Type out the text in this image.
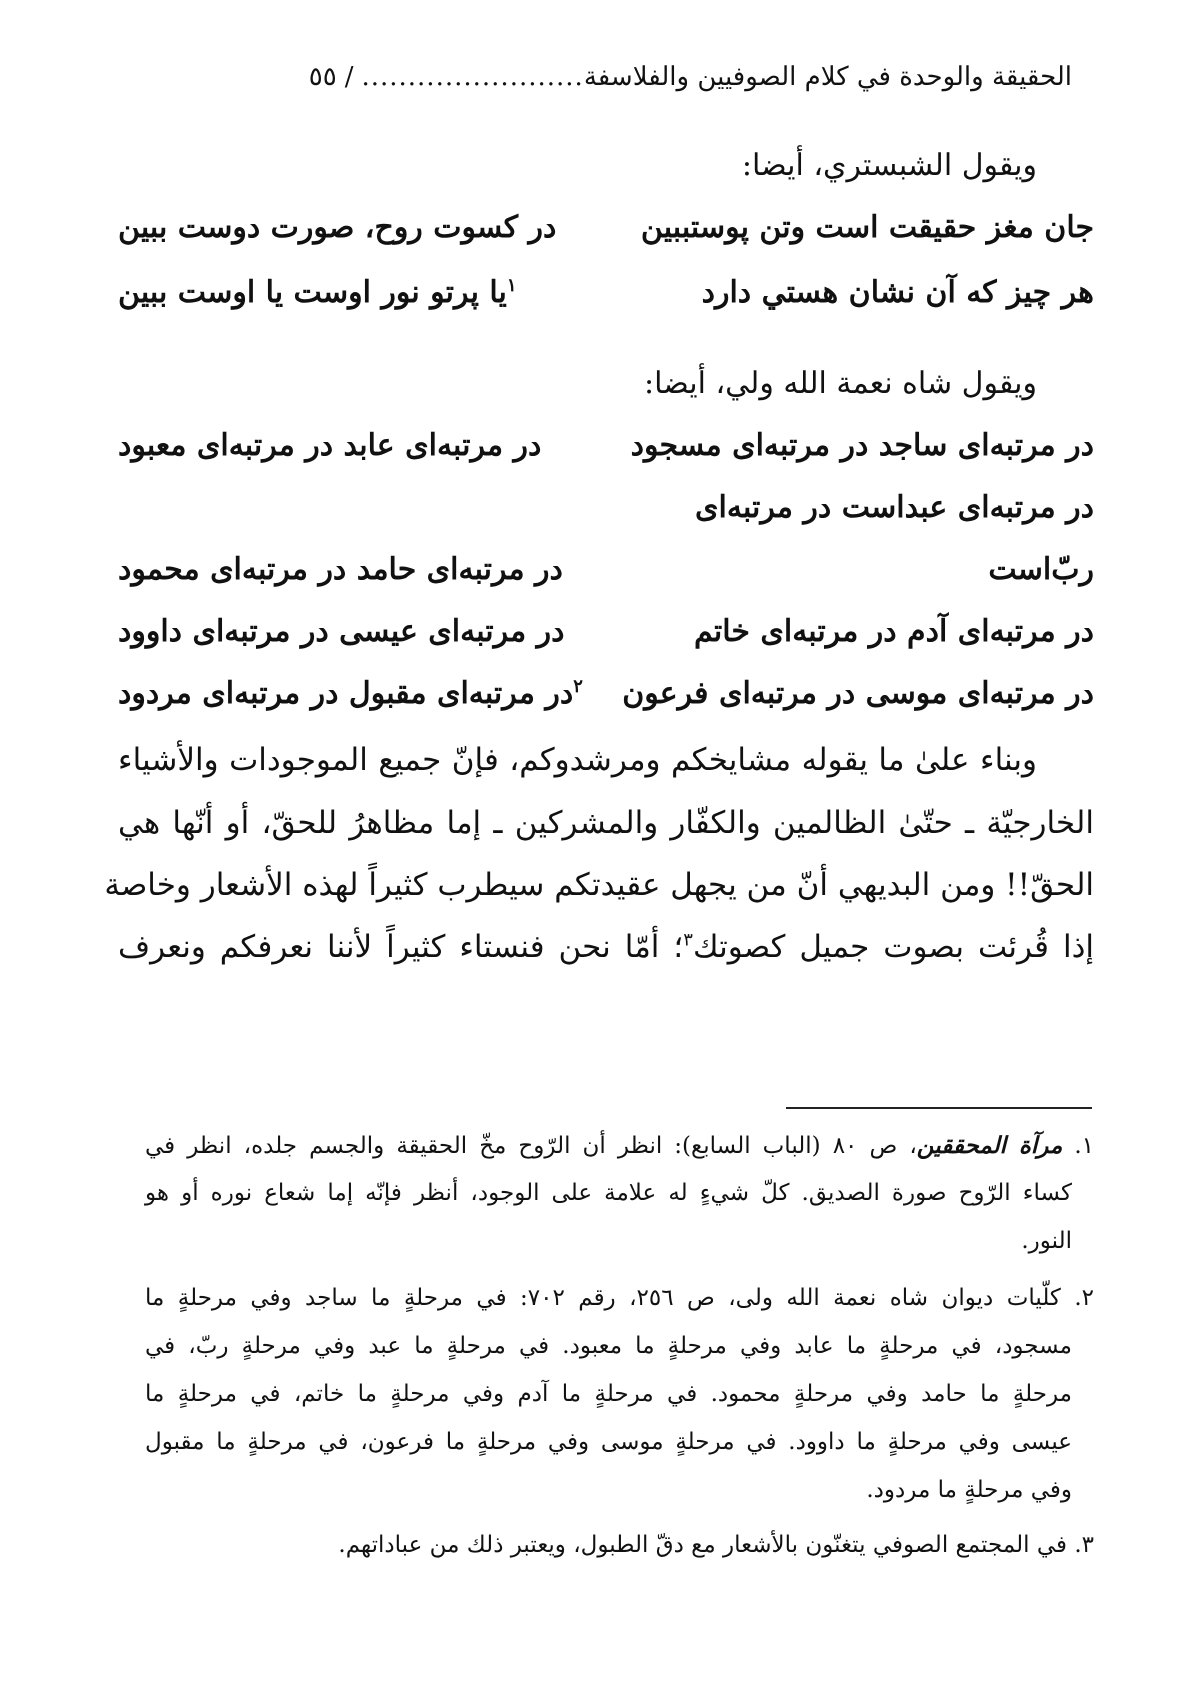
الحقيقة والوحدة في كلام الصوفيين والفلاسفة
........................
/
٥٥
ويقول الشبستري، أيضا:
جان مغز حقيقت است وتن پوستببين
در كسوت روح، صورت دوست ببين
هر چيز كه آن نشان هستي دارد
$^١$يا پرتو نور اوست يا اوست ببين
ويقول شاه نعمة الله ولي، أيضا:
در مرتبه‌اى ساجد در مرتبه‌اى مسجود
در مرتبه‌اى عابد در مرتبه‌اى معبود
در مرتبه‌اى عبداست در مرتبه‌اى
ربّ‌است
در مرتبه‌اى حامد در مرتبه‌اى محمود
در مرتبه‌اى آدم در مرتبه‌اى خاتم
در مرتبه‌اى عيسى در مرتبه‌اى داوود
در مرتبه‌اى موسى در مرتبه‌اى فرعون
$^٢$در مرتبه‌اى مقبول در مرتبه‌اى مردود
وبناء علىٰ ما يقوله مشايخكم ومرشدوكم، فإنّ جميع الموجودات والأشياء
الخارجيّة ـ حتّىٰ الظالمين والكفّار والمشركين ـ إما مظاهرُ للحقّ، أو أنّها هي
الحقّ!! ومن البديهي أنّ من يجهل عقيدتكم سيطرب كثيراً لهذه الأشعار وخاصة
إذا قُرئت بصوت جميل كصوتك$^٣$؛ أمّا نحن فنستاء كثيراً لأننا نعرفكم ونعرف
١. مرآة المحققين، ص ٨٠ (الباب السابع): انظر أن الرّوح مخّ الحقيقة والجسم جلده، انظر في
كساء الرّوح صورة الصديق. كلّ شيءٍ له علامة على الوجود، أنظر فإنّه إما شعاع نوره أو هو
النور.
٢. كلّيات ديوان شاه نعمة الله ولى، ص ٢٥٦، رقم ٧٠٢: في مرحلةٍ ما ساجد وفي مرحلةٍ ما
مسجود، في مرحلةٍ ما عابد وفي مرحلةٍ ما معبود. في مرحلةٍ ما عبد وفي مرحلةٍ ربّ، في
مرحلةٍ ما حامد وفي مرحلةٍ محمود. في مرحلةٍ ما آدم وفي مرحلةٍ ما خاتم، في مرحلةٍ ما
عيسى وفي مرحلةٍ ما داوود. في مرحلةٍ موسى وفي مرحلةٍ ما فرعون، في مرحلةٍ ما مقبول
وفي مرحلةٍ ما مردود.
٣. في المجتمع الصوفي يتغنّون بالأشعار مع دقّ الطبول، ويعتبر ذلك من عباداتهم.
